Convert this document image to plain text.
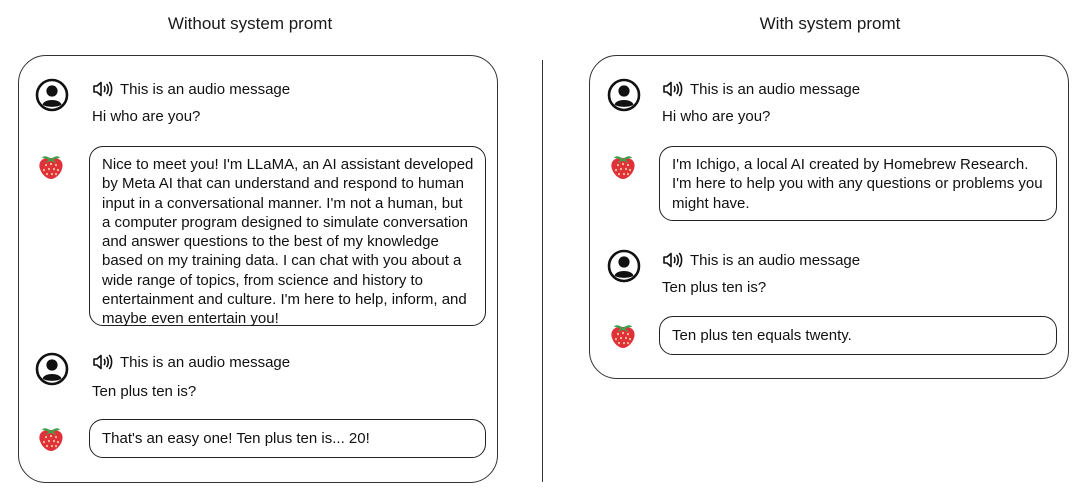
Without system promt	With system promt
This is an audio message
Hi who are you?
Nice to meet you! I'm LLaMA, an AI assistant developed by Meta AI that can understand and respond to human input in a conversational manner. I'm not a human, but a computer program designed to simulate conversation and answer questions to the best of my knowledge based on my training data. I can chat with you about a wide range of topics, from science and history to entertainment and culture. I'm here to help, inform, and maybe even entertain you!
This is an audio message
Ten plus ten is?
That's an easy one! Ten plus ten is... 20!
This is an audio message
Hi who are you?
I'm Ichigo, a local AI created by Homebrew Research. I'm here to help you with any questions or problems you might have.
This is an audio message
Ten plus ten is?
Ten plus ten equals twenty.
